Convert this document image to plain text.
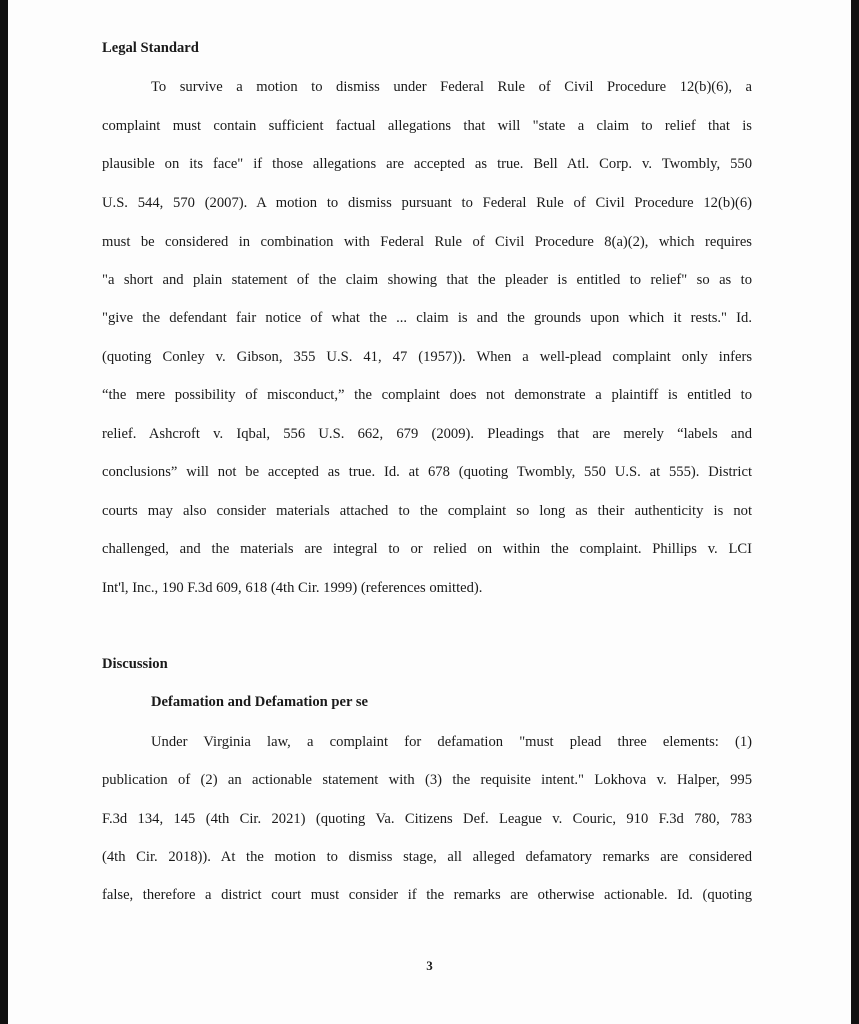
Legal Standard
To survive a motion to dismiss under Federal Rule of Civil Procedure 12(b)(6), a
complaint must contain sufficient factual allegations that will "state a claim to relief that is
plausible on its face" if those allegations are accepted as true. Bell Atl. Corp. v. Twombly, 550
U.S. 544, 570 (2007). A motion to dismiss pursuant to Federal Rule of Civil Procedure 12(b)(6)
must be considered in combination with Federal Rule of Civil Procedure 8(a)(2), which requires
"a short and plain statement of the claim showing that the pleader is entitled to relief" so as to
"give the defendant fair notice of what the ... claim is and the grounds upon which it rests." Id.
(quoting Conley v. Gibson, 355 U.S. 41, 47 (1957)). When a well-plead complaint only infers
“the mere possibility of misconduct,” the complaint does not demonstrate a plaintiff is entitled to
relief. Ashcroft v. Iqbal, 556 U.S. 662, 679 (2009). Pleadings that are merely “labels and
conclusions” will not be accepted as true. Id. at 678 (quoting Twombly, 550 U.S. at 555). District
courts may also consider materials attached to the complaint so long as their authenticity is not
challenged, and the materials are integral to or relied on within the complaint. Phillips v. LCI
Int'l, Inc., 190 F.3d 609, 618 (4th Cir. 1999) (references omitted).
Discussion
Defamation and Defamation per se
Under Virginia law, a complaint for defamation "must plead three elements: (1)
publication of (2) an actionable statement with (3) the requisite intent." Lokhova v. Halper, 995
F.3d 134, 145 (4th Cir. 2021) (quoting Va. Citizens Def. League v. Couric, 910 F.3d 780, 783
(4th Cir. 2018)). At the motion to dismiss stage, all alleged defamatory remarks are considered
false, therefore a district court must consider if the remarks are otherwise actionable. Id. (quoting
3
